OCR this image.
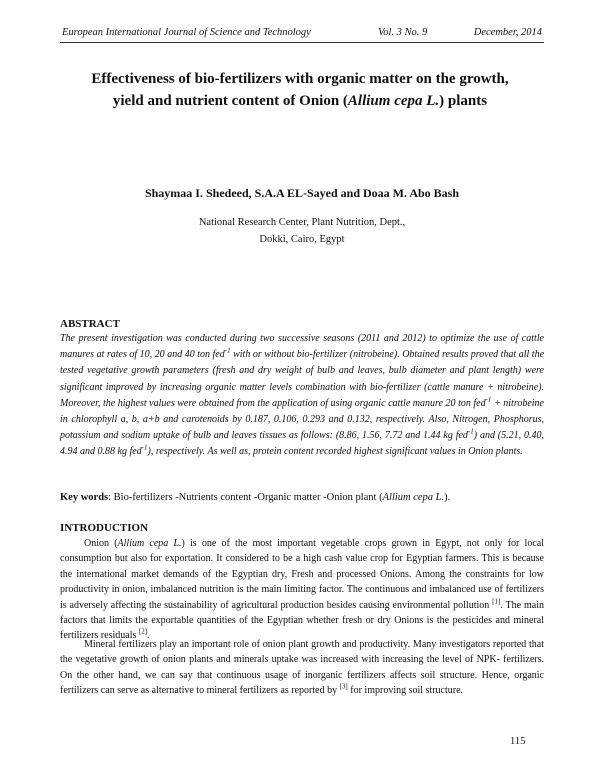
European International Journal of Science and Technology	Vol. 3 No. 9	December, 2014
Effectiveness of bio-fertilizers with organic matter on the growth,
yield and nutrient content of Onion (Allium cepa L.) plants
Shaymaa I. Shedeed, S.A.A EL-Sayed and Doaa M. Abo Bash
National Research Center, Plant Nutrition, Dept.,
Dokki, Cairo, Egypt
ABSTRACT
The present investigation was conducted during two successive seasons (2011 and 2012) to optimize the use of cattle manures at rates of 10, 20 and 40 ton fed$^{-1}$ with or without bio-fertilizer (nitrobeine). Obtained results proved that all the tested vegetative growth parameters (fresh and dry weight of bulb and leaves, bulb diameter and plant length) were significant improved by increasing organic matter levels combination with bio-fertilizer (cattle manure + nitrobeine). Moreover, the highest values were obtained from the application of using organic cattle manure 20 ton fed$^{-1}$ + nitrobeine in chlorophyll a, b, a+b and carotenoids by 0.187, 0.106, 0.293 and 0.132, respectively. Also, Nitrogen, Phosphorus, potassium and sodium uptake of bulb and leaves tissues as follows: (8.86, 1.56, 7.72 and 1.44 kg fed$^{-1}$) and (5.21, 0.40, 4.94 and 0.88 kg fed$^{-1}$), respectively. As well as, protein content recorded highest significant values in Onion plants.
Key words: Bio-fertilizers -Nutrients content -Organic matter -Onion plant (Allium cepa L.).
INTRODUCTION

Onion (Allium cepa L.) is one of the most important vegetable crops grown in Egypt, not only for local consumption but also for exportation. It considered to be a high cash value crop for Egyptian farmers. This is because the international market demands of the Egyptian dry, Fresh and processed Onions. Among the constraints for low productivity in onion, imbalanced nutrition is the main limiting factor. The continuous and imbalanced use of fertilizers is adversely affecting the sustainability of agricultural production besides causing environmental pollution [1]. The main factors that limits the exportable quantities of the Egyptian whether fresh or dry Onions is the pesticides and mineral fertilizers residuals [2].

Mineral fertilizers play an important role of onion plant growth and productivity. Many investigators reported that the vegetative growth of onion plants and minerals uptake was increased with increasing the level of NPK- fertilizers. On the other hand, we can say that continuous usage of inorganic fertilizers affects soil structure. Hence, organic fertilizers can serve as alternative to mineral fertilizers as reported by [3] for improving soil structure.

115
